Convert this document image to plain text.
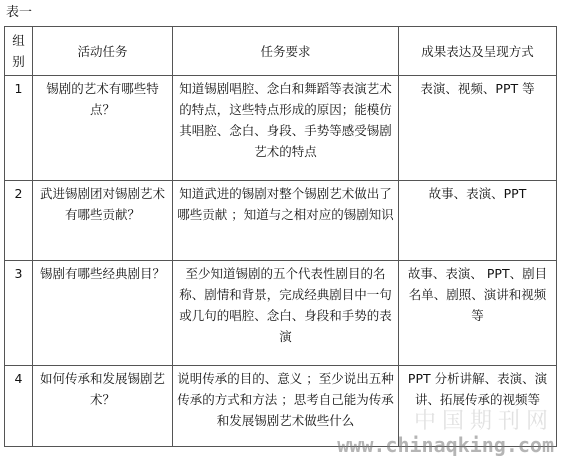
表一
组别	活动任务	任务要求	成果表达及呈现方式
1	锡剧的艺术有哪些特点？	知道锡剧唱腔、念白和舞蹈等表演艺术的特点，这些特点形成的原因；能模仿其唱腔、念白、身段、手势等感受锡剧艺术的特点	表演、视频、PPT 等
2	武进锡剧团对锡剧艺术有哪些贡献？	知道武进的锡剧对整个锡剧艺术做出了哪些贡献 ；知道与之相对应的锡剧知识	故事、表演、PPT
3	锡剧有哪些经典剧目？	至少知道锡剧的五个代表性剧目的名称、剧情和背景，完成经典剧目中一句或几句的唱腔、念白、身段和手势的表演	故事、表演、 PPT、剧目名单、剧照、演讲和视频等
4	如何传承和发展锡剧艺术？	说明传承的目的、意义 ；至少说出五种传承的方式和方法 ；思考自己能为传承和发展锡剧艺术做些什么	PPT 分析讲解、表演、演讲、拓展传承的视频等
中国期刊网
www.chinaqking.com
